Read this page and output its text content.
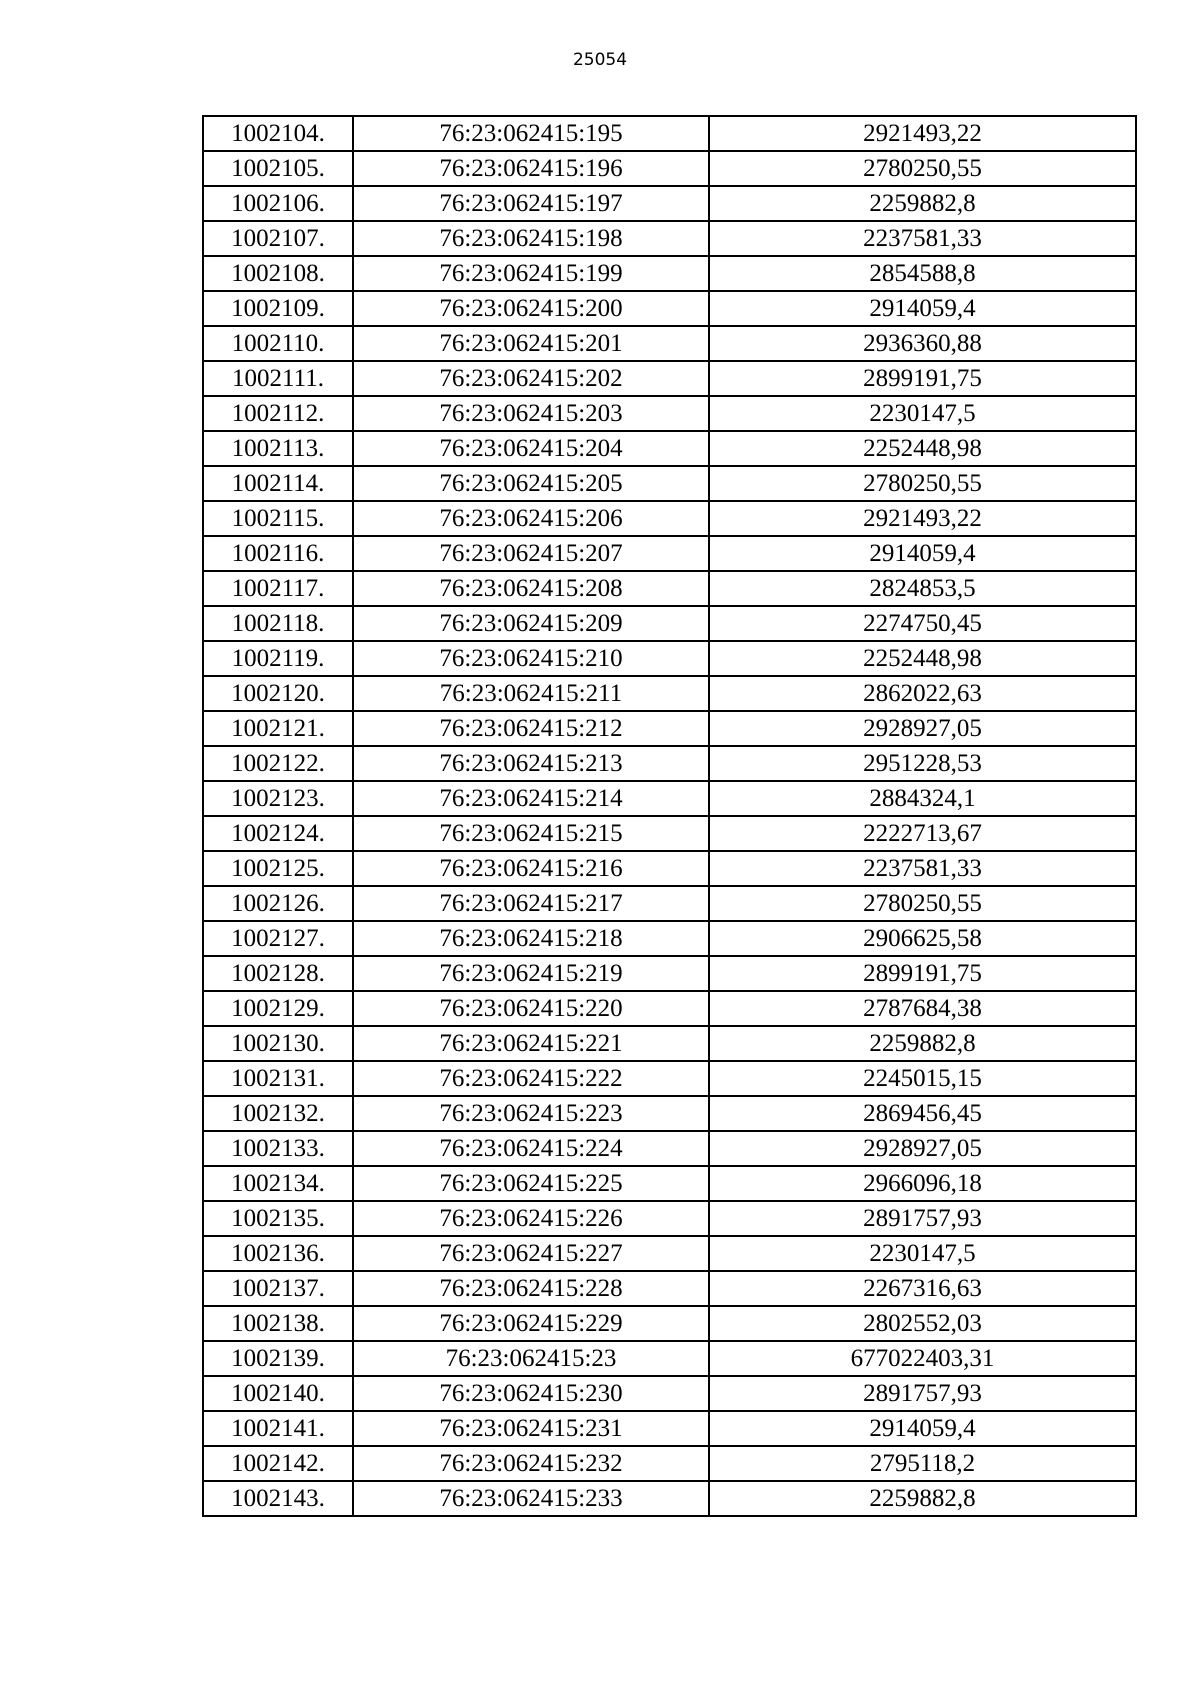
25054
1002104.	76:23:062415:195	2921493,22
1002105.	76:23:062415:196	2780250,55
1002106.	76:23:062415:197	2259882,8
1002107.	76:23:062415:198	2237581,33
1002108.	76:23:062415:199	2854588,8
1002109.	76:23:062415:200	2914059,4
1002110.	76:23:062415:201	2936360,88
1002111.	76:23:062415:202	2899191,75
1002112.	76:23:062415:203	2230147,5
1002113.	76:23:062415:204	2252448,98
1002114.	76:23:062415:205	2780250,55
1002115.	76:23:062415:206	2921493,22
1002116.	76:23:062415:207	2914059,4
1002117.	76:23:062415:208	2824853,5
1002118.	76:23:062415:209	2274750,45
1002119.	76:23:062415:210	2252448,98
1002120.	76:23:062415:211	2862022,63
1002121.	76:23:062415:212	2928927,05
1002122.	76:23:062415:213	2951228,53
1002123.	76:23:062415:214	2884324,1
1002124.	76:23:062415:215	2222713,67
1002125.	76:23:062415:216	2237581,33
1002126.	76:23:062415:217	2780250,55
1002127.	76:23:062415:218	2906625,58
1002128.	76:23:062415:219	2899191,75
1002129.	76:23:062415:220	2787684,38
1002130.	76:23:062415:221	2259882,8
1002131.	76:23:062415:222	2245015,15
1002132.	76:23:062415:223	2869456,45
1002133.	76:23:062415:224	2928927,05
1002134.	76:23:062415:225	2966096,18
1002135.	76:23:062415:226	2891757,93
1002136.	76:23:062415:227	2230147,5
1002137.	76:23:062415:228	2267316,63
1002138.	76:23:062415:229	2802552,03
1002139.	76:23:062415:23	677022403,31
1002140.	76:23:062415:230	2891757,93
1002141.	76:23:062415:231	2914059,4
1002142.	76:23:062415:232	2795118,2
1002143.	76:23:062415:233	2259882,8
